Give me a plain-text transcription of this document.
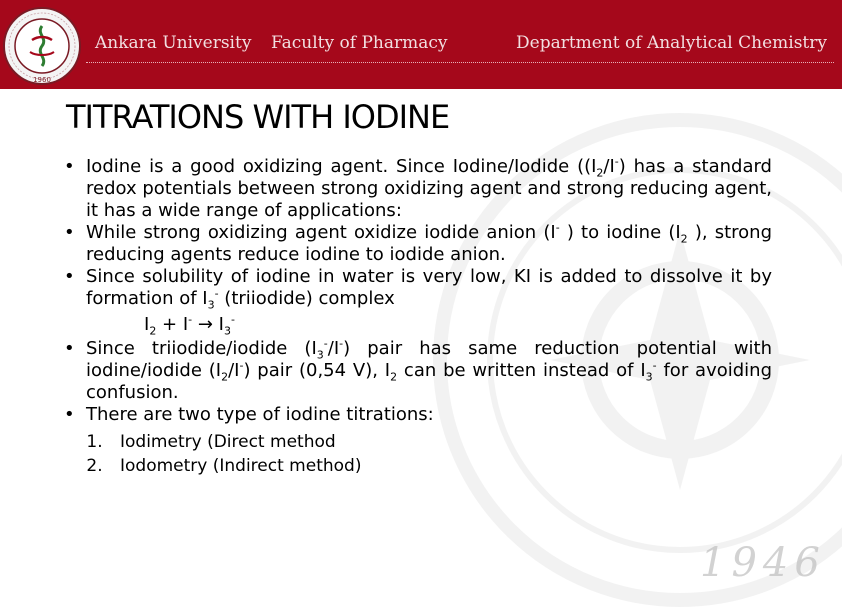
1960
Ankara University Faculty of Pharmacy	Department of Analytical Chemistry
1946
TITRATIONS WITH IODINE
• Iodine is a good oxidizing agent. Since Iodine/Iodide ($(I_2/I^-)$ has a standard redox potentials between strong oxidizing agent and strong reducing agent, it has a wide range of applications:
• While strong oxidizing agent oxidize iodide anion (I- ) to iodine ($I_2$ ), strong reducing agents reduce iodine to iodide anion.
• Since solubility of iodine in water is very low, KI is added to dissolve it by formation of $I_3^-$ (triiodide) complex
$I_2 + I^- \to I_3^-$
• Since triiodide/iodide $(I_3^-/I^-)$ pair has same reduction potential with iodine/iodide $(I_2/I^-)$ pair (0,54 V), $I_2$ can be written instead of $I_3^-$ for avoiding confusion.
• There are two type of iodine titrations:
1. Iodimetry (Direct method
2. Iodometry (Indirect method)
